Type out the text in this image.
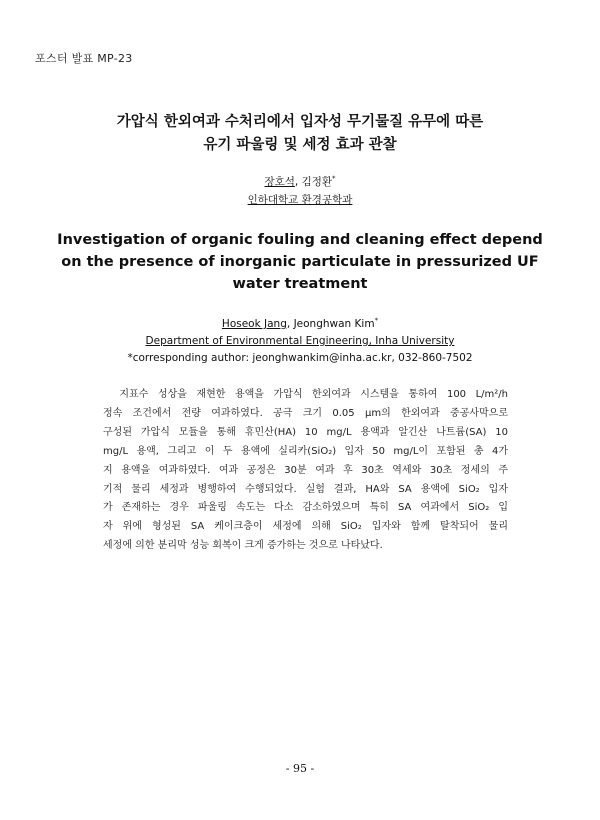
포스터 발표 MP-23
가압식 한외여과 수처리에서 입자성 무기물질 유무에 따른
유기 파울링 및 세정 효과 관찰
장호석, 김정환*
인하대학교 환경공학과
Investigation of organic fouling and cleaning effect depend
on the presence of inorganic particulate in pressurized UF
water treatment
Hoseok Jang, Jeonghwan Kim*
Department of Environmental Engineering, Inha University
*corresponding author: jeonghwankim@inha.ac.kr, 032-860-7502
　지표수 성상을 재현한 용액을 가압식 한외여과 시스템을 통하여 100 L/m²/h
정속 조건에서 전량 여과하였다. 공극 크기 0.05 μm의 한외여과 중공사막으로
구성된 가압식 모듈을 통해 휴민산(HA) 10 mg/L 용액과 알긴산 나트륨(SA) 10
mg/L 용액, 그리고 이 두 용액에 실리카(SiO₂) 입자 50 mg/L이 포함된 총 4가
지 용액을 여과하였다. 여과 공정은 30분 여과 후 30초 역세와 30초 정세의 주
기적 물리 세정과 병행하여 수행되었다. 실험 결과, HA와 SA 용액에 SiO₂ 입자
가 존재하는 경우 파울링 속도는 다소 감소하였으며 특히 SA 여과에서 SiO₂ 입
자 위에 형성된 SA 케이크층이 세정에 의해 SiO₂ 입자와 함께 탈착되어 물리
세정에 의한 분리막 성능 회복이 크게 증가하는 것으로 나타났다.
- 95 -
